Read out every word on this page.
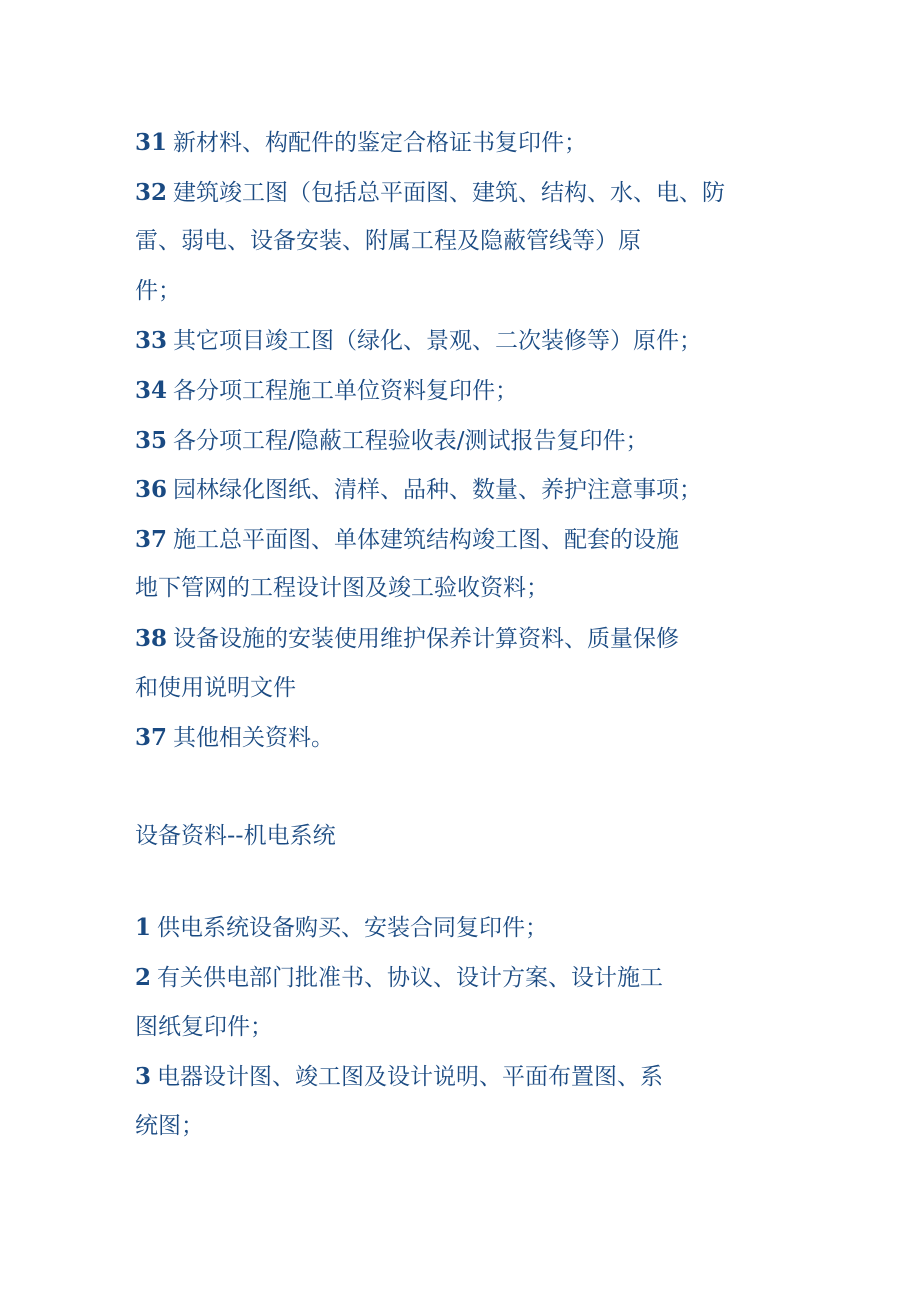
31 新材料、构配件的鉴定合格证书复印件；
32 建筑竣工图（包括总平面图、建筑、结构、水、电、防
雷、弱电、设备安装、附属工程及隐蔽管线等）原
件；
33 其它项目竣工图（绿化、景观、二次装修等）原件；
34 各分项工程施工单位资料复印件；
35 各分项工程/隐蔽工程验收表/测试报告复印件；
36 园林绿化图纸、清样、品种、数量、养护注意事项；
37 施工总平面图、单体建筑结构竣工图、配套的设施
地下管网的工程设计图及竣工验收资料；
38 设备设施的安装使用维护保养计算资料、质量保修
和使用说明文件
37 其他相关资料。
设备资料--机电系统
1 供电系统设备购买、安装合同复印件；
2 有关供电部门批准书、协议、设计方案、设计施工
图纸复印件；
3 电器设计图、竣工图及设计说明、平面布置图、系
统图；
